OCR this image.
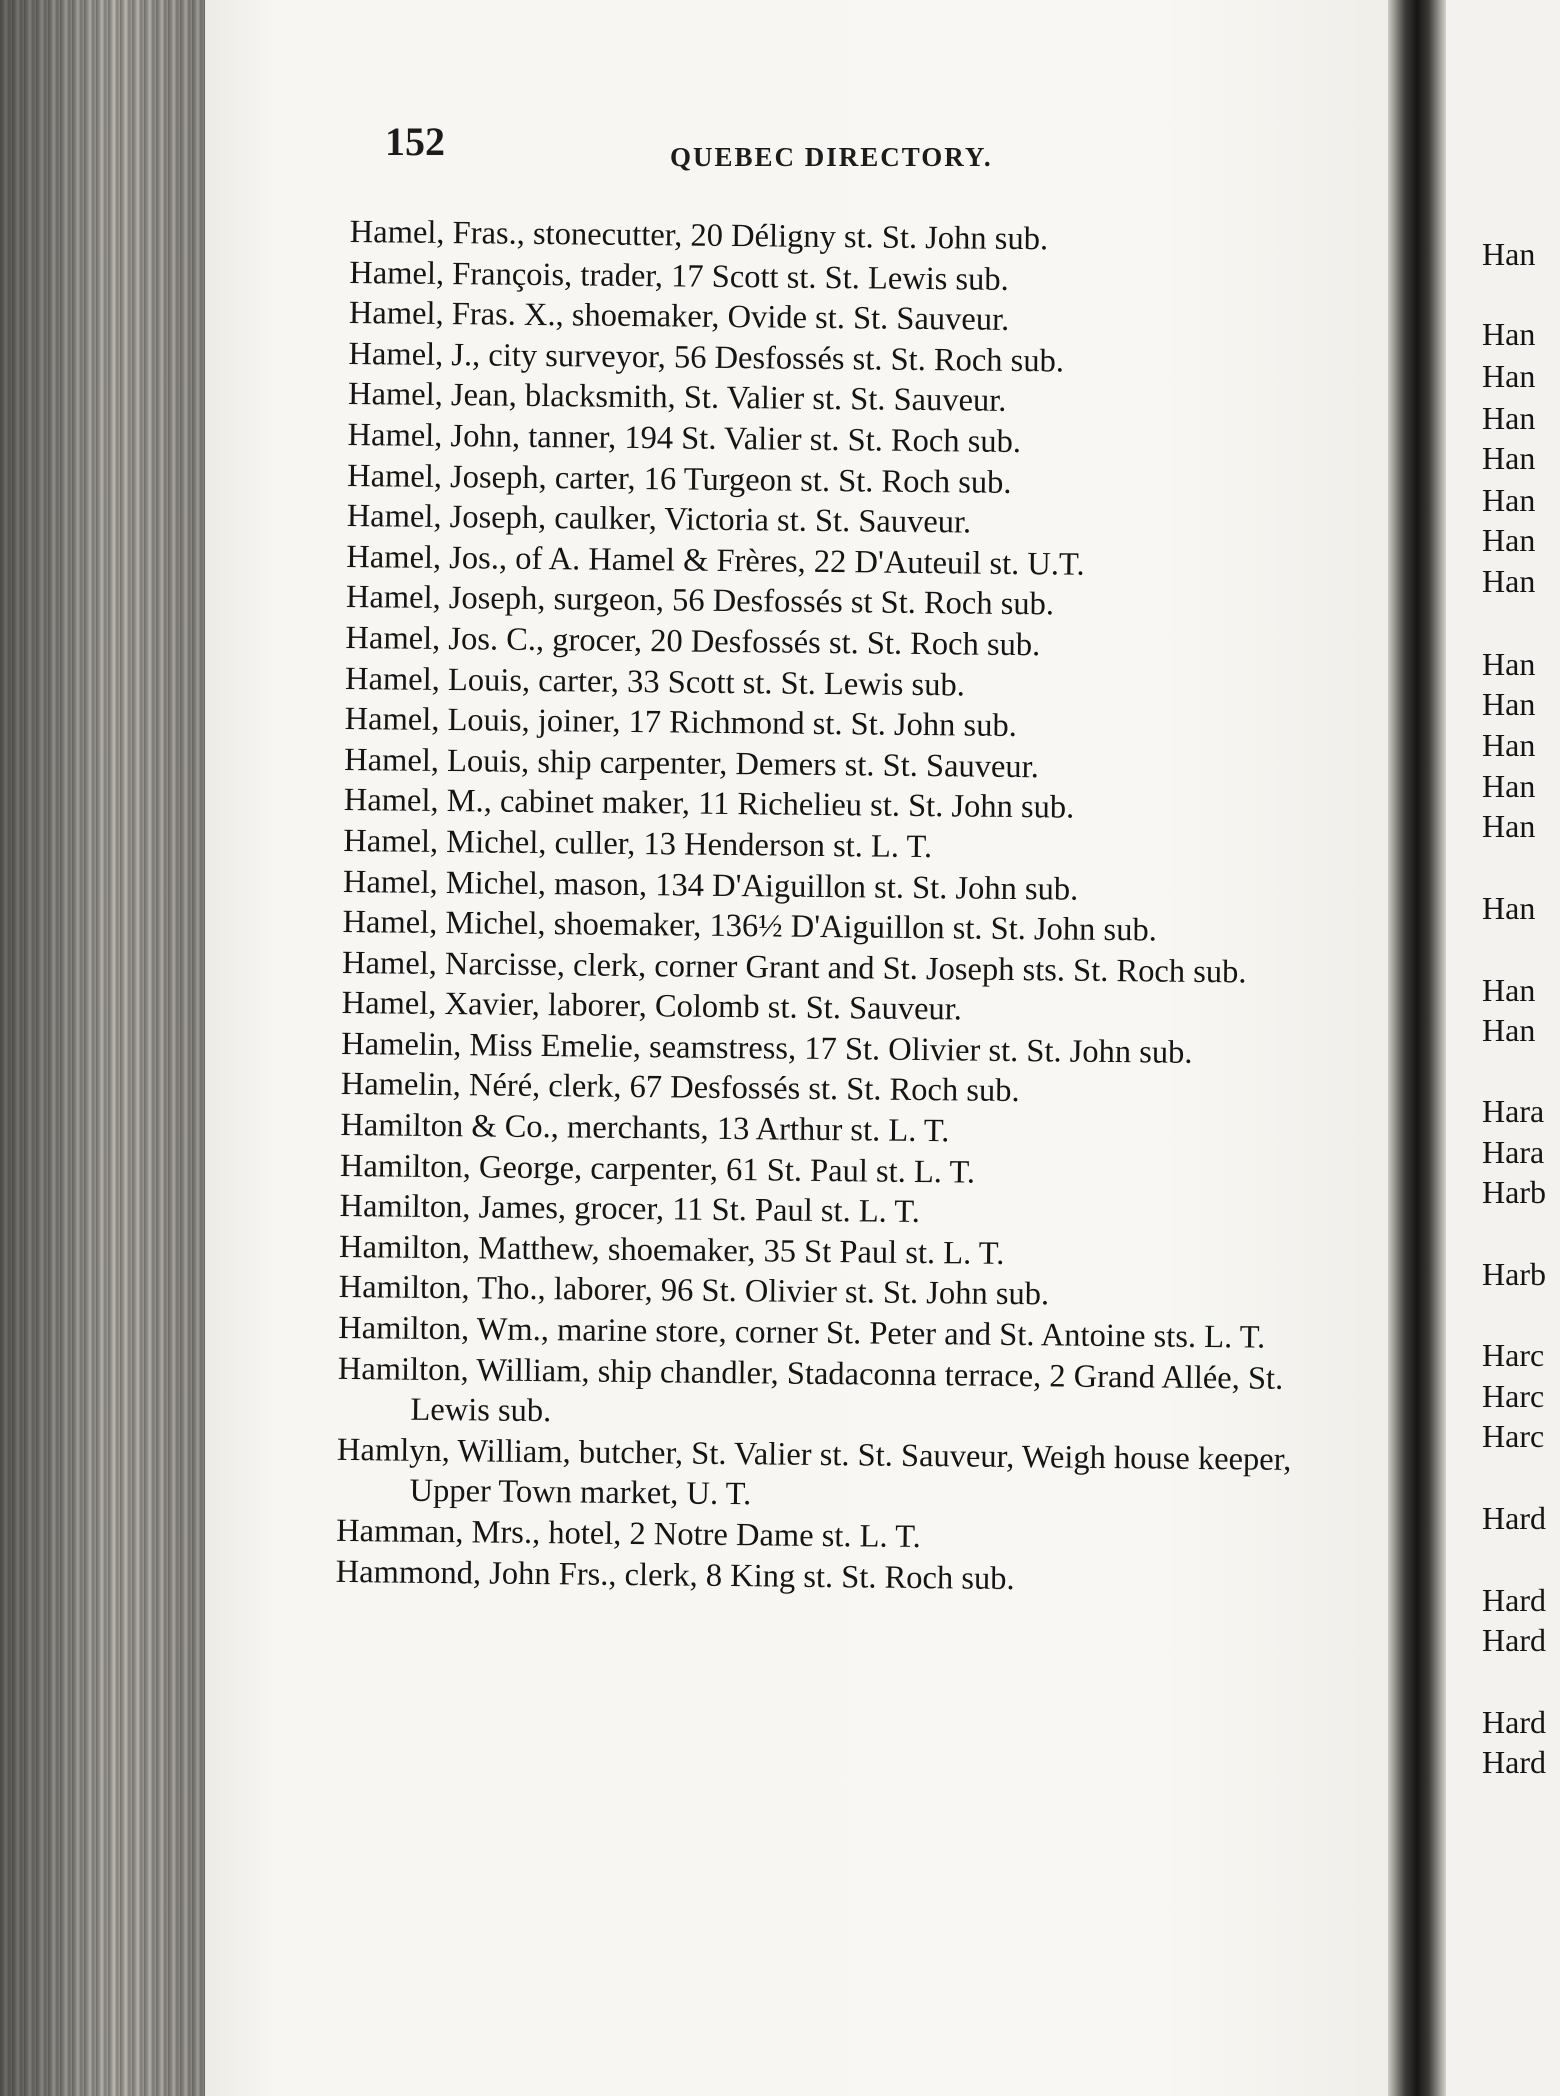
152	QUEBEC DIRECTORY.
Hamel, Fras., stonecutter, 20 Déligny st. St. John sub.
Hamel, François, trader, 17 Scott st. St. Lewis sub.
Hamel, Fras. X., shoemaker, Ovide st. St. Sauveur.
Hamel, J., city surveyor, 56 Desfossés st. St. Roch sub.
Hamel, Jean, blacksmith, St. Valier st. St. Sauveur.
Hamel, John, tanner, 194 St. Valier st. St. Roch sub.
Hamel, Joseph, carter, 16 Turgeon st. St. Roch sub.
Hamel, Joseph, caulker, Victoria st. St. Sauveur.
Hamel, Jos., of A. Hamel & Frères, 22 D'Auteuil st. U.T.
Hamel, Joseph, surgeon, 56 Desfossés st St. Roch sub.
Hamel, Jos. C., grocer, 20 Desfossés st. St. Roch sub.
Hamel, Louis, carter, 33 Scott st. St. Lewis sub.
Hamel, Louis, joiner, 17 Richmond st. St. John sub.
Hamel, Louis, ship carpenter, Demers st. St. Sauveur.
Hamel, M., cabinet maker, 11 Richelieu st. St. John sub.
Hamel, Michel, culler, 13 Henderson st. L. T.
Hamel, Michel, mason, 134 D'Aiguillon st. St. John sub.
Hamel, Michel, shoemaker, 136½ D'Aiguillon st. St. John sub.
Hamel, Narcisse, clerk, corner Grant and St. Joseph sts. St. Roch sub.
Hamel, Xavier, laborer, Colomb st. St. Sauveur.
Hamelin, Miss Emelie, seamstress, 17 St. Olivier st. St. John sub.
Hamelin, Néré, clerk, 67 Desfossés st. St. Roch sub.
Hamilton & Co., merchants, 13 Arthur st. L. T.
Hamilton, George, carpenter, 61 St. Paul st. L. T.
Hamilton, James, grocer, 11 St. Paul st. L. T.
Hamilton, Matthew, shoemaker, 35 St Paul st. L. T.
Hamilton, Tho., laborer, 96 St. Olivier st. St. John sub.
Hamilton, Wm., marine store, corner St. Peter and St. Antoine sts. L. T.
Hamilton, William, ship chandler, Stadaconna terrace, 2 Grand Allée, St. Lewis sub.
Hamlyn, William, butcher, St. Valier st. St. Sauveur, Weigh house keeper, Upper Town market, U. T.
Hamman, Mrs., hotel, 2 Notre Dame st. L. T.
Hammond, John Frs., clerk, 8 King st. St. Roch sub.
Han
Han
Han
Han
Han
Han
Han
Han
Han
Han
Han
Han
Han
Han
Han
Han
Hara
Hara
Harb
Harb
Harc
Harc
Harc
Hard
Hard
Hard
Hard
Hard
